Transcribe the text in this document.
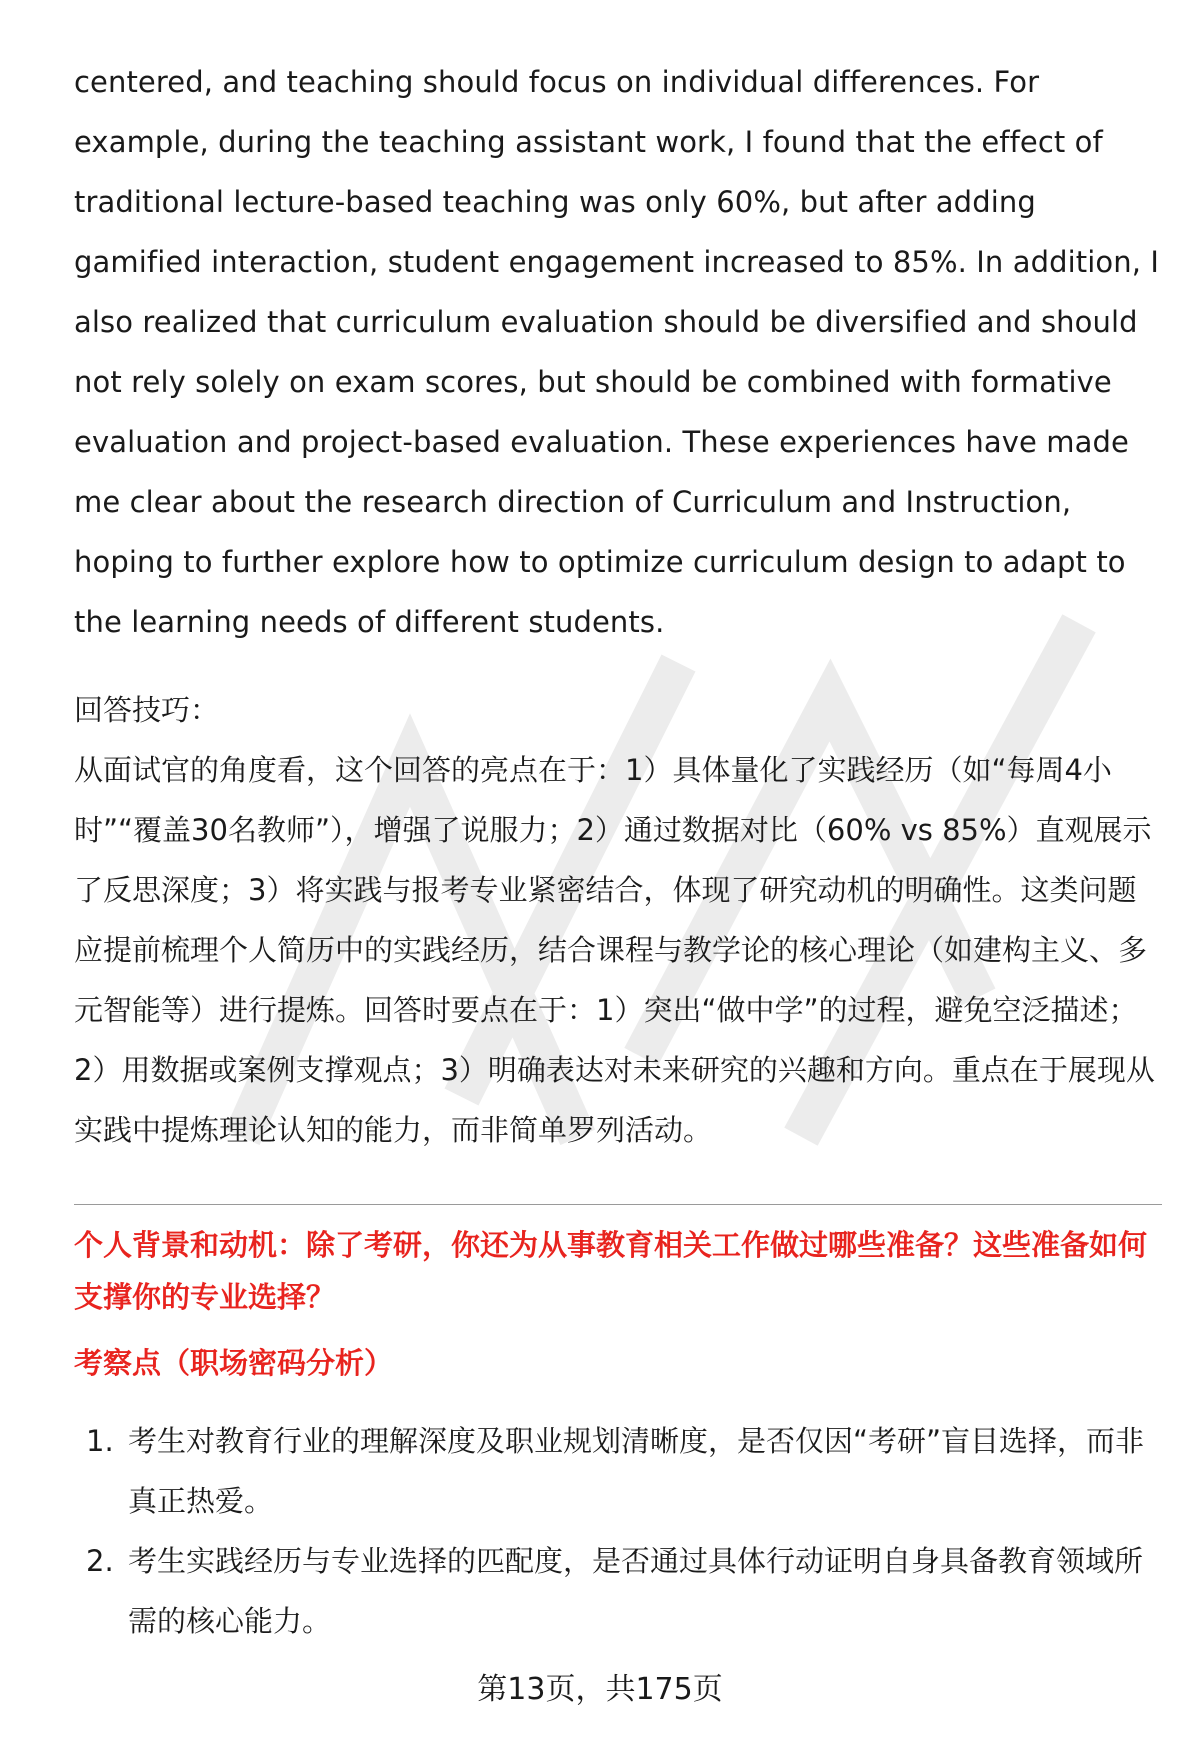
centered, and teaching should focus on individual differences. For example, during the teaching assistant work, I found that the effect of traditional lecture-based teaching was only 60%, but after adding gamified interaction, student engagement increased to 85%. In addition, I also realized that curriculum evaluation should be diversified and should not rely solely on exam scores, but should be combined with formative evaluation and project-based evaluation. These experiences have made me clear about the research direction of Curriculum and Instruction, hoping to further explore how to optimize curriculum design to adapt to the learning needs of different students.

回答技巧：

从面试官的角度看，这个回答的亮点在于：1）具体量化了实践经历（如“每周4小时”“覆盖30名教师”），增强了说服力；2）通过数据对比（60% vs 85%）直观展示了反思深度；3）将实践与报考专业紧密结合，体现了研究动机的明确性。这类问题应提前梳理个人简历中的实践经历，结合课程与教学论的核心理论（如建构主义、多元智能等）进行提炼。回答时要点在于：1）突出“做中学”的过程，避免空泛描述；2）用数据或案例支撑观点；3）明确表达对未来研究的兴趣和方向。重点在于展现从实践中提炼理论认知的能力，而非简单罗列活动。

个人背景和动机：除了考研，你还为从事教育相关工作做过哪些准备？这些准备如何支撑你的专业选择？

考察点（职场密码分析）

1. 考生对教育行业的理解深度及职业规划清晰度，是否仅因“考研”盲目选择，而非真正热爱。
2. 考生实践经历与专业选择的匹配度，是否通过具体行动证明自身具备教育领域所需的核心能力。
第13页，共175页
